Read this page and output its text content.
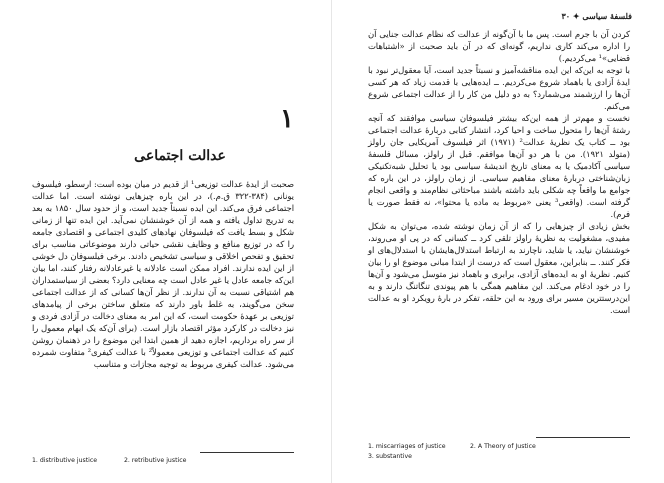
۱
عدالت اجتماعی

صحبت از ایدهٔ عدالت توزیعی¹ از قدیم در میان بوده است: ارسطو، فیلسوف یونانی (۳۸۴-۳۲۲ ق.م.)، در این باره چیزهایی نوشته است. اما عدالت اجتماعی فرق می‌کند. این ایده نسبتاً جدید است، و از حدود سال ۱۸۵۰ به بعد به تدریج تداول یافته و همه از آن خوشنشان نمی‌آید. این ایده تنها از زمانی شکل و بسط یافت که فیلسوفان نهادهای کلیدی اجتماعی و اقتصادی جامعه را که در توزیع منافع و وظایف نقشی حیاتی دارند موضوعاتی مناسب برای تحقیق و تفحص اخلاقی و سیاسی تشخیص دادند. برخی فیلسوفان دل خوشی از این ایده ندارند. افراد ممکن است عادلانه یا غیرعادلانه رفتار کنند، اما بیان این‌که جامعه عادل یا غیر عادل است چه معنایی دارد؟ بعضی از سیاستمداران هم اشتیاقی نسبت به آن ندارند. از نظر آن‌ها کسانی که از عدالت اجتماعی سخن می‌گویند، به غلط باور دارند که متعلق ساختن برخی از پیامدهای توزیعی بر عهدهٔ حکومت است، که این امر به معنای دخالت در آزادی فردی و نیز دخالت در کارکرد مؤثر اقتصاد بازار است. (برای آن‌که یک ابهام معمول را از سر راه برداریم، اجازه دهید از همین ابتدا این موضوع را در ذهنمان روشن کنیم که عدالت اجتماعی و توزیعی معمولاً² با عدالت کیفری² متفاوت شمرده می‌شود. عدالت کیفری مربوط به توجیه مجازات و متناسب

1. distributive justice	2. retributive justice
فلسفهٔ سیاسی ✦ ۳۰

کردن آن با جرم است. پس ما با آن‌گونه از عدالت که نظام عدالت جنایی آن را اداره می‌کند کاری نداریم، گونه‌ای که در آن باید صحبت از «اشتباهات قضایی»¹ می‌کردیم.)

با توجه به این‌که این ایده مناقشه‌آمیز و نسبتاً جدید است، آیا معقول‌تر نبود با ایدهٔ آزادی یا باهماد شروع می‌کردیم. ــ ایده‌هایی با قدمت زیاد که هر کسی آن‌ها را ارزشمند می‌شمارد؟ به دو دلیل من کار را از عدالت اجتماعی شروع می‌کنم.

نخست و مهم‌تر از همه این‌که بیشتر فیلسوفان سیاسی موافقند که آنچه رشتهٔ آن‌ها را متحول ساخت و احیا کرد، انتشار کتابی دربارهٔ عدالت اجتماعی بود ــ کتاب یک نظریهٔ عدالت² (۱۹۷۱) اثر فیلسوف آمریکایی جان راولز (متولد ۱۹۲۱). من با هر دو آن‌ها موافقم. قبل از راولز، مسائل فلسفهٔ سیاسی آکادمیک یا به معنای تاریخ اندیشهٔ سیاسی بود یا تحلیل شبه‌تکنیکی زبان‌شناختی دربارهٔ معنای مفاهیم سیاسی. از زمان راولز، در این باره که جوامع ما واقعاً چه شکلی باید داشته باشند مباحثاتی نظام‌مند و واقعی انجام گرفته است. (واقعی³ یعنی «مربوط به ماده یا محتوا»، نه فقط صورت یا فرم).

بخش زیادی از چیزهایی را که از آن زمان نوشته شده، می‌توان به شکل مفیدی، مشغولیت به نظریهٔ راولز تلقی کرد ــ کسانی که در پی او می‌روند، خوشنشان نیاید، یا شاید، ناچارند به ارتباط استدلال‌هایشان با استدلال‌های او فکر کنند. ــ بنابراین، معقول است که درست از ابتدا مبانی موضوع او را بیان کنیم. نظریهٔ او به ایده‌های آزادی، برابری و باهماد نیز متوسل می‌شود و آن‌ها را در خود ادغام می‌کند. این مفاهیم همگی با هم پیوندی تنگاتنگ دارند و به این‌درستترین مسیر برای ورود به این حلقه، تفکر در بارهٔ رویکرد او به عدالت است.

1. miscarriages of justice	2. A Theory of Justice
3. substantive
